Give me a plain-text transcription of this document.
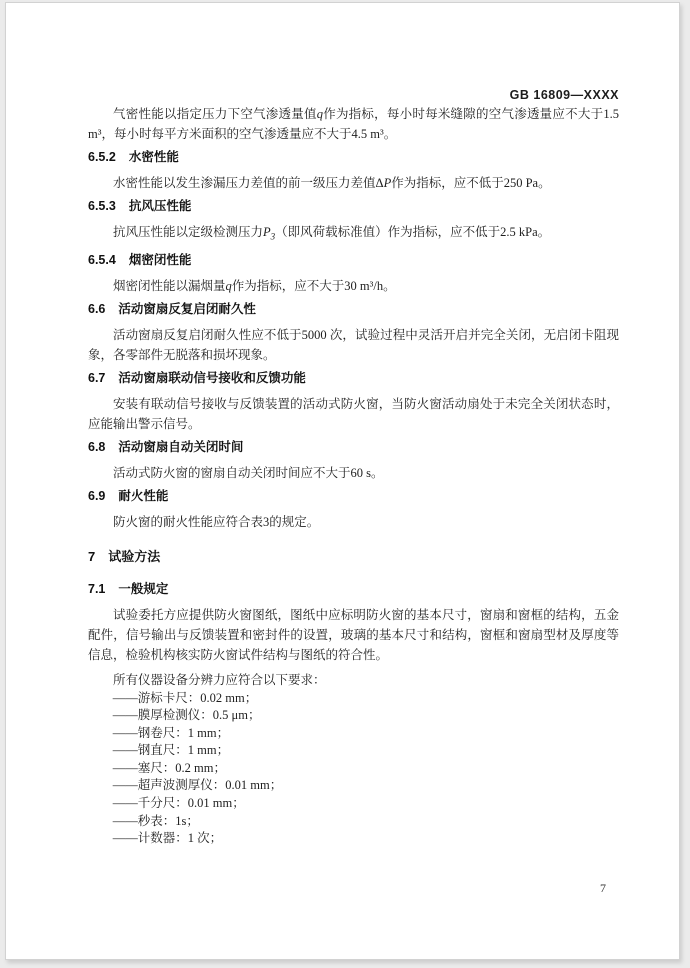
GB 16809—XXXX

气密性能以指定压力下空气渗透量值q作为指标，每小时每米缝隙的空气渗透量应不大于1.5 m³，每小时每平方米面积的空气渗透量应不大于4.5 m³。

6.5.2 水密性能

水密性能以发生渗漏压力差值的前一级压力差值ΔP作为指标，应不低于250 Pa。

6.5.3 抗风压性能

抗风压性能以定级检测压力$P_3$（即风荷载标准值）作为指标，应不低于2.5 kPa。

6.5.4 烟密闭性能

烟密闭性能以漏烟量q作为指标，应不大于30 m³/h。

6.6 活动窗扇反复启闭耐久性

活动窗扇反复启闭耐久性应不低于5000 次，试验过程中灵活开启并完全关闭，无启闭卡阻现象，各零部件无脱落和损坏现象。

6.7 活动窗扇联动信号接收和反馈功能

安装有联动信号接收与反馈装置的活动式防火窗，当防火窗活动扇处于未完全关闭状态时，应能输出警示信号。

6.8 活动窗扇自动关闭时间

活动式防火窗的窗扇自动关闭时间应不大于60 s。

6.9 耐火性能

防火窗的耐火性能应符合表3的规定。

7 试验方法
7.1 一般规定

试验委托方应提供防火窗图纸，图纸中应标明防火窗的基本尺寸，窗扇和窗框的结构，五金配件，信号输出与反馈装置和密封件的设置，玻璃的基本尺寸和结构，窗框和窗扇型材及厚度等信息，检验机构核实防火窗试件结构与图纸的符合性。

所有仪器设备分辨力应符合以下要求：

——游标卡尺：0.02 mm；
——膜厚检测仪：0.5 μm；
——钢卷尺：1 mm；
——钢直尺：1 mm；
——塞尺：0.2 mm；
——超声波测厚仪：0.01 mm；
——千分尺：0.01 mm；
——秒表：1s；
——计数器：1 次；
7
